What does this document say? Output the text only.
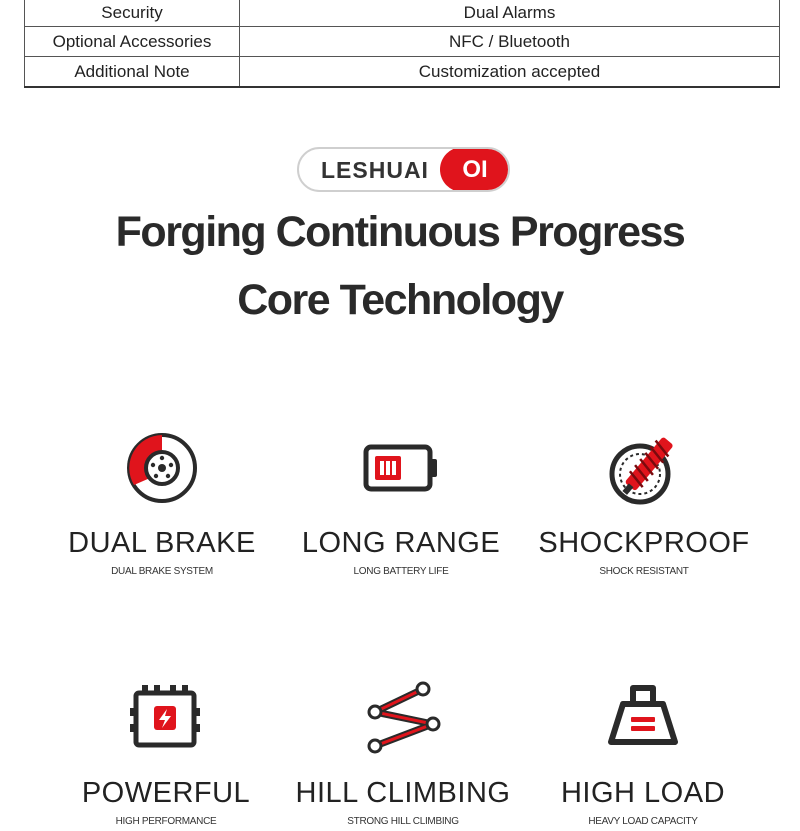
Security	Dual Alarms
Optional Accessories	NFC / Bluetooth
Additional Note	Customization accepted
LESHUAI	OI
Forging Continuous Progress
Core Technology
DUAL BRAKE
DUAL BRAKE SYSTEM
LONG RANGE
LONG BATTERY LIFE
SHOCKPROOF
SHOCK RESISTANT
POWERFUL
HIGH PERFORMANCE
HILL CLIMBING
STRONG HILL CLIMBING
HIGH LOAD
HEAVY LOAD CAPACITY
